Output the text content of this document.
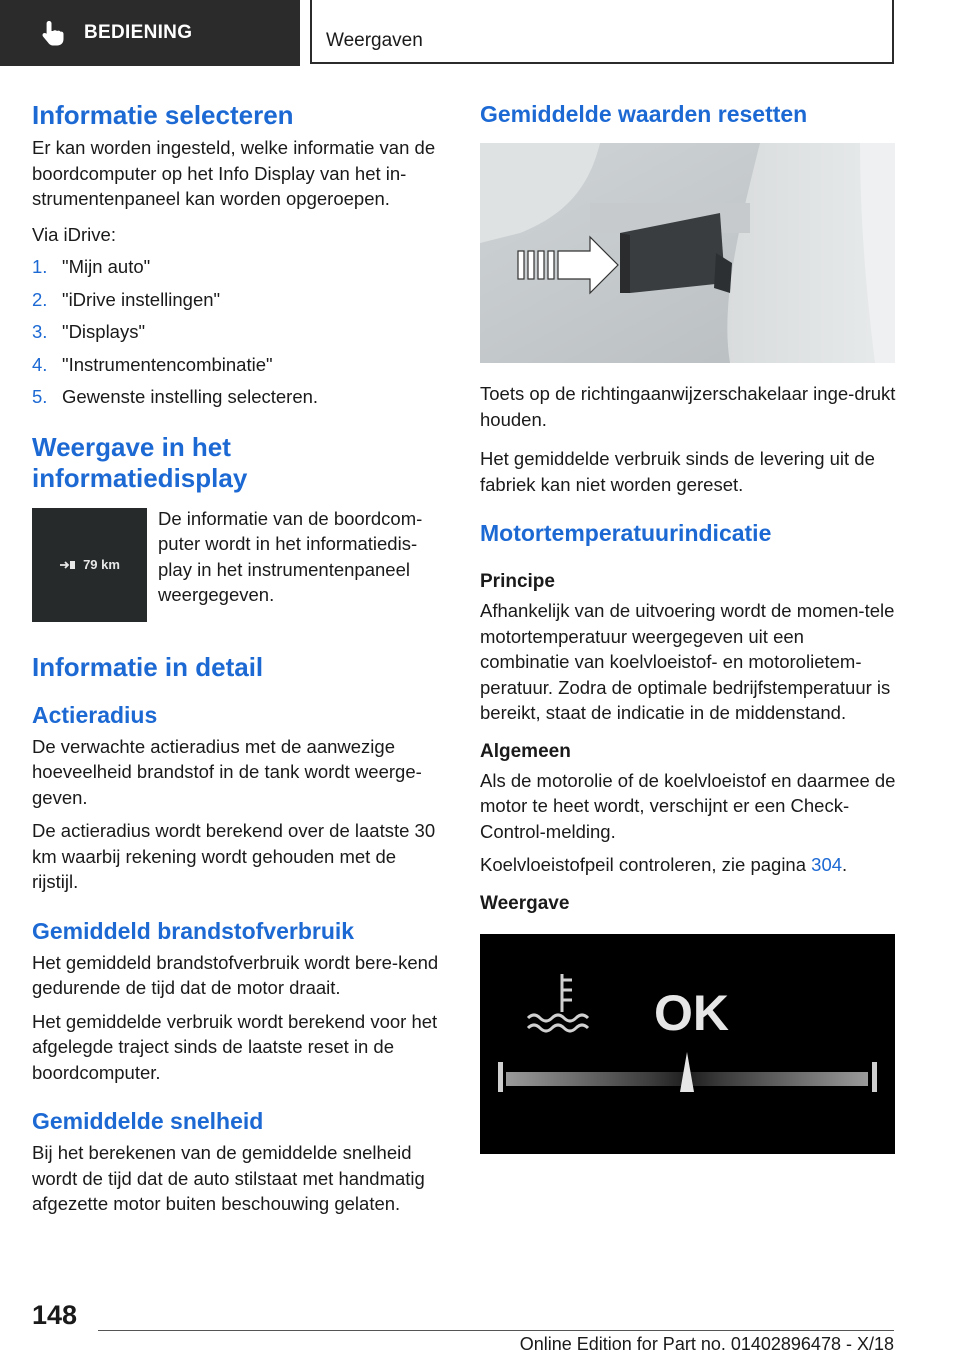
BEDIENING	Weergaven
Informatie selecteren

Er kan worden ingesteld, welke informatie van de boordcomputer op het Info Display van het in-strumentenpaneel kan worden opgeroepen.

Via iDrive:

1. "Mijn auto"
2. "iDrive instellingen"
3. "Displays"
4. "Instrumentencombinatie"
5. Gewenste instelling selecteren.
Weergave in het
informatiedisplay
79 km

De informatie van de boordcom-puter wordt in het informatiedis-play in het instrumentenpaneel weergegeven.

Informatie in detail
Actieradius

De verwachte actieradius met de aanwezige hoeveelheid brandstof in de tank wordt weerge-geven.

De actieradius wordt berekend over de laatste 30 km waarbij rekening wordt gehouden met de rijstijl.

Gemiddeld brandstofverbruik

Het gemiddeld brandstofverbruik wordt bere-kend gedurende de tijd dat de motor draait.

Het gemiddelde verbruik wordt berekend voor het afgelegde traject sinds de laatste reset in de boordcomputer.

Gemiddelde snelheid

Bij het berekenen van de gemiddelde snelheid wordt de tijd dat de auto stilstaat met handmatig afgezette motor buiten beschouwing gelaten.

Gemiddelde waarden resetten

Toets op de richtingaanwijzerschakelaar inge-drukt houden.

Het gemiddelde verbruik sinds de levering uit de fabriek kan niet worden gereset.

Motortemperatuurindicatie
Principe

Afhankelijk van de uitvoering wordt de momen-tele motortemperatuur weergegeven uit een combinatie van koelvloeistof- en motorolietem-peratuur. Zodra de optimale bedrijfstemperatuur is bereikt, staat de indicatie in de middenstand.

Algemeen

Als de motorolie of de koelvloeistof en daarmee de motor te heet wordt, verschijnt er een Check-Control-melding.

Koelvloeistofpeil controleren, zie pagina 304.

Weergave
OK
148
Online Edition for Part no. 01402896478 - X/18
